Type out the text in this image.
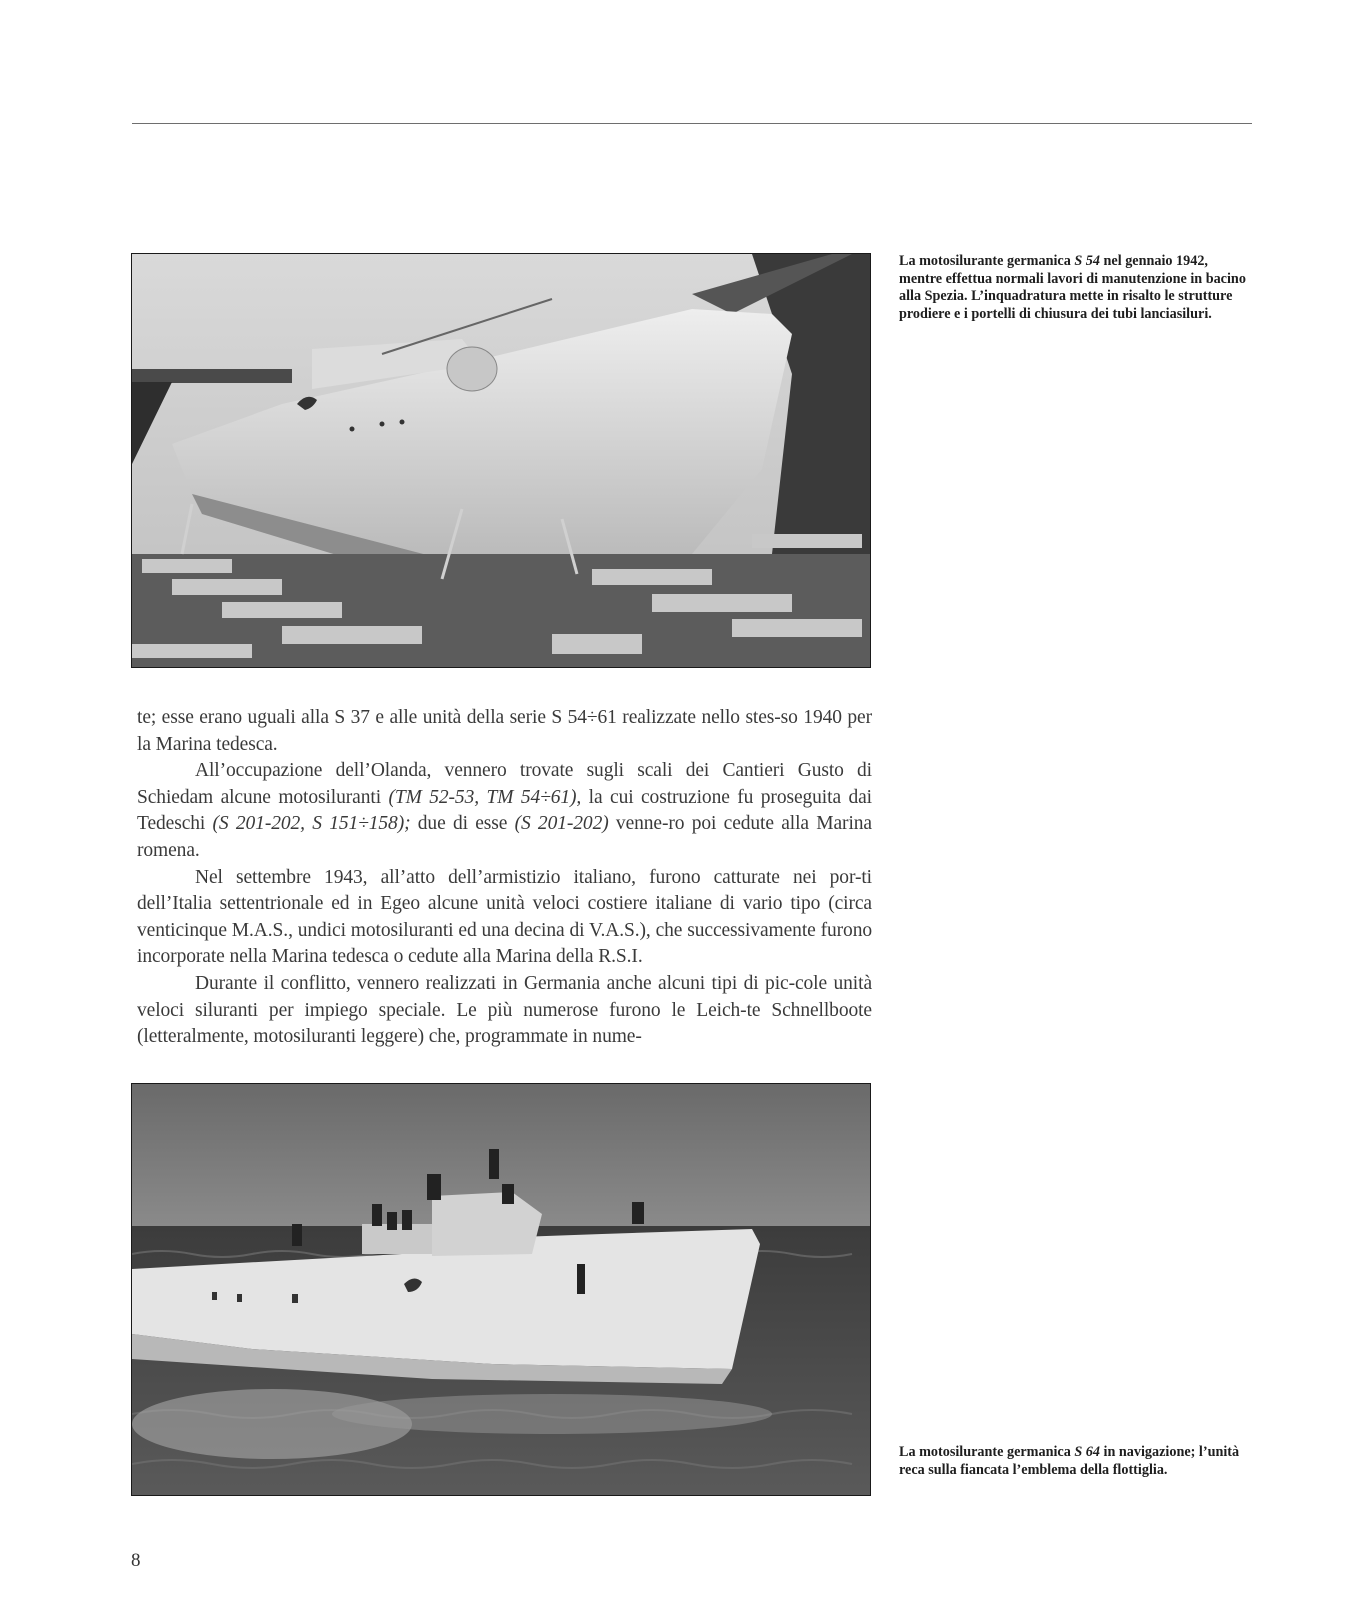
La motosilurante germanica S 54 nel gennaio 1942, mentre effettua normali lavori di manutenzione in bacino alla Spezia. L’inquadratura mette in risalto le strutture prodiere e i portelli di chiusura dei tubi lanciasiluri.

te; esse erano uguali alla S 37 e alle unità della serie S 54÷61 realizzate nello stes-so 1940 per la Marina tedesca.

All’occupazione dell’Olanda, vennero trovate sugli scali dei Cantieri Gusto di Schiedam alcune motosiluranti (TM 52-53, TM 54÷61), la cui costruzione fu proseguita dai Tedeschi (S 201-202, S 151÷158); due di esse (S 201-202) venne-ro poi cedute alla Marina romena.

Nel settembre 1943, all’atto dell’armistizio italiano, furono catturate nei por-ti dell’Italia settentrionale ed in Egeo alcune unità veloci costiere italiane di vario tipo (circa venticinque M.A.S., undici motosiluranti ed una decina di V.A.S.), che successivamente furono incorporate nella Marina tedesca o cedute alla Marina della R.S.I.

Durante il conflitto, vennero realizzati in Germania anche alcuni tipi di pic-cole unità veloci siluranti per impiego speciale. Le più numerose furono le Leich-te Schnellboote (letteralmente, motosiluranti leggere) che, programmate in nume-

La motosilurante germanica S 64 in navigazione; l’unità reca sulla fiancata l’emblema della flottiglia.
8
